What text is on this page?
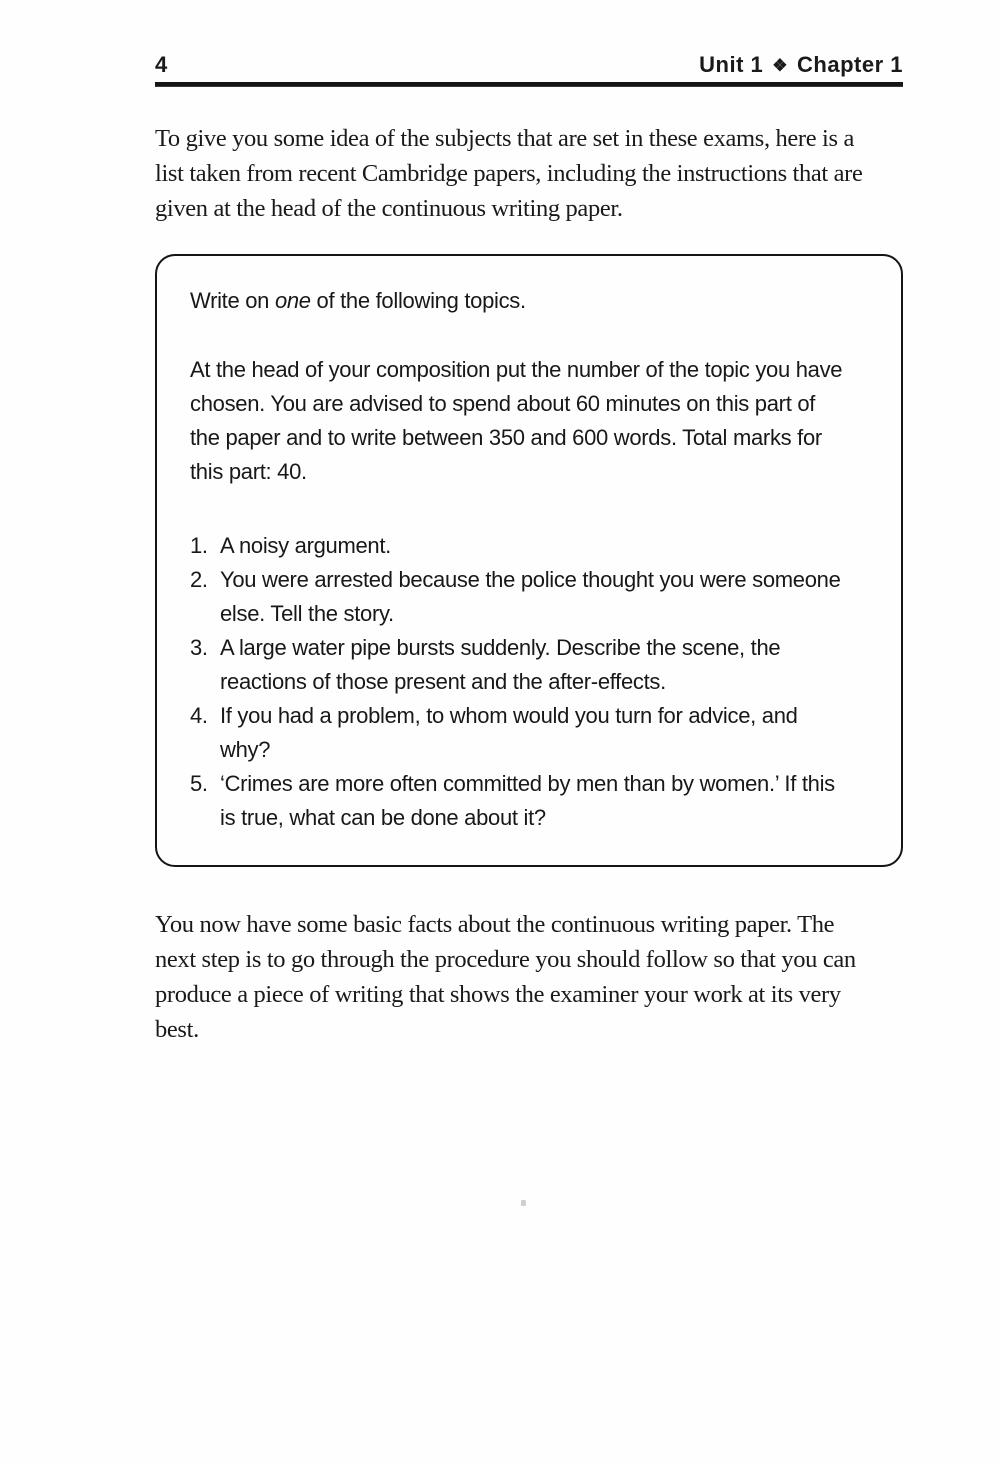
4	Unit 1 ❖ Chapter 1

To give you some idea of the subjects that are set in these exams, here is a list taken from recent Cambridge papers, including the instructions that are given at the head of the continuous writing paper.

Write on one of the following topics.

At the head of your composition put the number of the topic you have chosen. You are advised to spend about 60 minutes on this part of the paper and to write between 350 and 600 words. Total marks for this part: 40.

1. A noisy argument.
2. You were arrested because the police thought you were someone else. Tell the story.
3. A large water pipe bursts suddenly. Describe the scene, the reactions of those present and the after-effects.
4. If you had a problem, to whom would you turn for advice, and why?
5. ‘Crimes are more often committed by men than by women.’ If this is true, what can be done about it?

You now have some basic facts about the continuous writing paper. The next step is to go through the procedure you should follow so that you can produce a piece of writing that shows the examiner your work at its very best.
